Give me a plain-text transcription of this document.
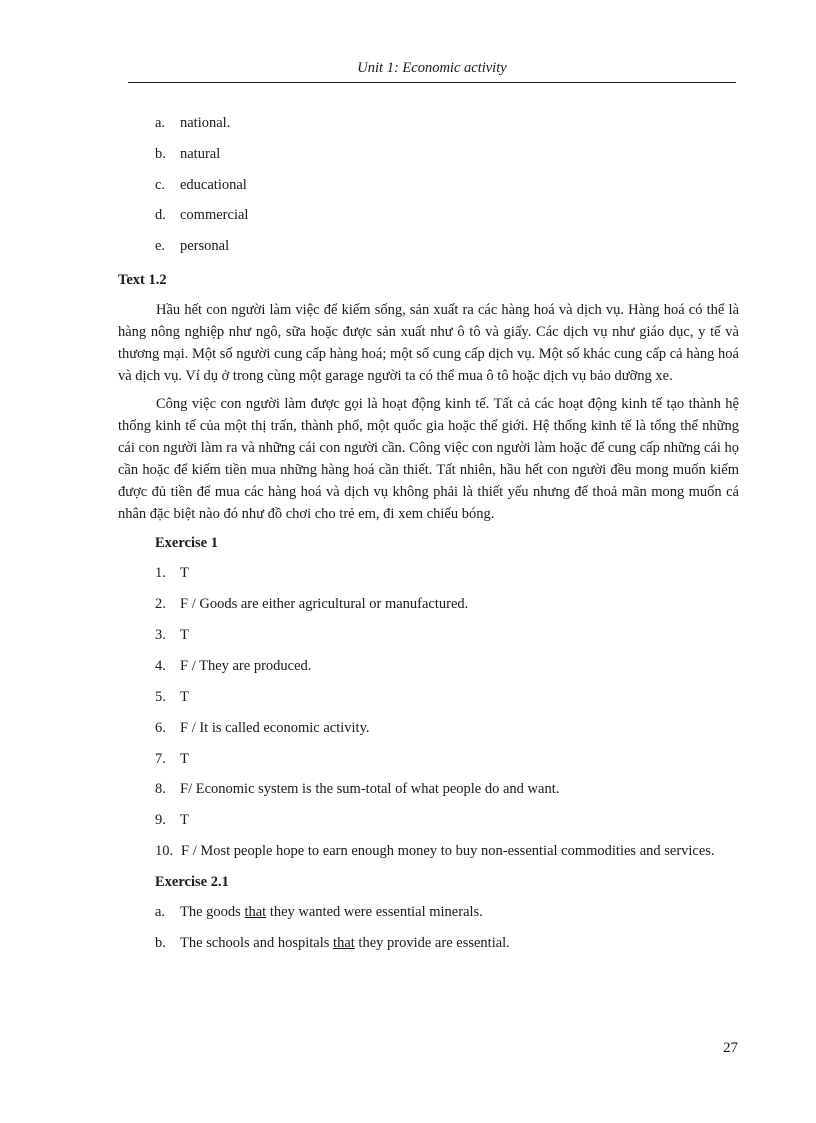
Unit 1: Economic activity
a.	national.
b. natural
c.	educational
d. commercial
e.	personal
Text 1.2

Hầu hết con người làm việc để kiếm sống, sản xuất ra các hàng hoá và dịch vụ. Hàng hoá có thể là hàng nông nghiệp như ngô, sữa hoặc được sản xuất như ô tô và giấy. Các dịch vụ như giáo dục, y tế và thương mại. Một số người cung cấp hàng hoá; một số cung cấp dịch vụ. Một số khác cung cấp cả hàng hoá và dịch vụ. Ví dụ ở trong cùng một garage người ta có thể mua ô tô hoặc dịch vụ bảo dưỡng xe.

Công việc con người làm được gọi là hoạt động kinh tế. Tất cả các hoạt động kinh tế tạo thành hệ thống kinh tế của một thị trấn, thành phố, một quốc gia hoặc thế giới. Hệ thống kinh tế là tổng thể những cái con người làm ra và những cái con người cần. Công việc con người làm hoặc để cung cấp những cái họ cần hoặc để kiếm tiền mua những hàng hoá cần thiết. Tất nhiên, hầu hết con người đều mong muốn kiếm được đủ tiền để mua các hàng hoá và dịch vụ không phải là thiết yếu nhưng để thoả mãn mong muốn cá nhân đặc biệt nào đó như đồ chơi cho trẻ em, đi xem chiếu bóng.

Exercise 1
1. T
2. F / Goods are either agricultural or manufactured.
3. T
4. F / They are produced.
5. T
6. F / It is called economic activity.
7. T
8. F/ Economic system is the sum-total of what people do and want.
9. T
10. F / Most people hope to earn enough money to buy non-essential commodities and services.
Exercise 2.1
a.	The goods that they wanted were essential minerals.
b. The schools and hospitals that they provide are essential.
27
